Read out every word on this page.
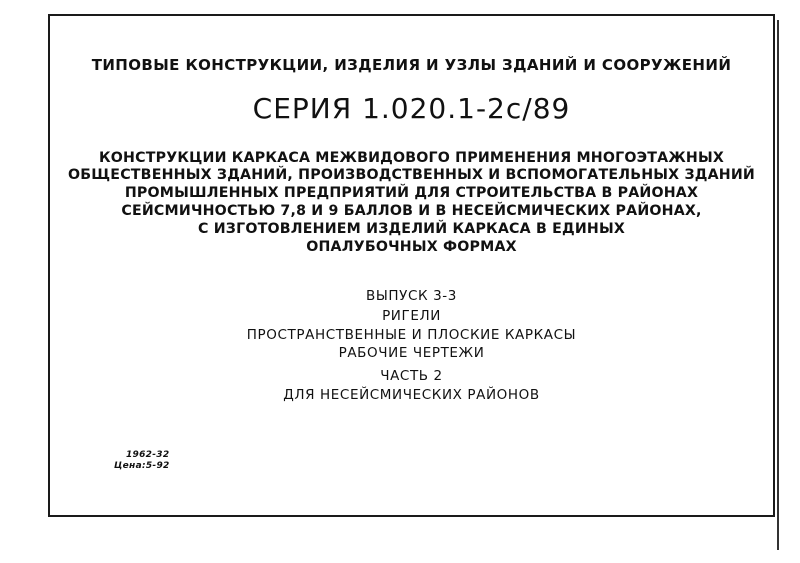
ТИПОВЫЕ КОНСТРУКЦИИ, ИЗДЕЛИЯ И УЗЛЫ ЗДАНИЙ И СООРУЖЕНИЙ
СЕРИЯ 1.020.1-2с/89
КОНСТРУКЦИИ КАРКАСА МЕЖВИДОВОГО ПРИМЕНЕНИЯ МНОГОЭТАЖНЫХ
ОБЩЕСТВЕННЫХ ЗДАНИЙ, ПРОИЗВОДСТВЕННЫХ И ВСПОМОГАТЕЛЬНЫХ ЗДАНИЙ
ПРОМЫШЛЕННЫХ ПРЕДПРИЯТИЙ ДЛЯ СТРОИТЕЛЬСТВА В РАЙОНАХ
СЕЙСМИЧНОСТЬЮ 7,8 И 9 БАЛЛОВ И В НЕСЕЙСМИЧЕСКИХ РАЙОНАХ,
С ИЗГОТОВЛЕНИЕМ ИЗДЕЛИЙ КАРКАСА В ЕДИНЫХ
ОПАЛУБОЧНЫХ ФОРМАХ
ВЫПУСК 3-3
РИГЕЛИ
ПРОСТРАНСТВЕННЫЕ И ПЛОСКИЕ КАРКАСЫ
РАБОЧИЕ ЧЕРТЕЖИ
ЧАСТЬ 2
ДЛЯ НЕСЕЙСМИЧЕСКИХ РАЙОНОВ
1962-32
Цена:5-92
